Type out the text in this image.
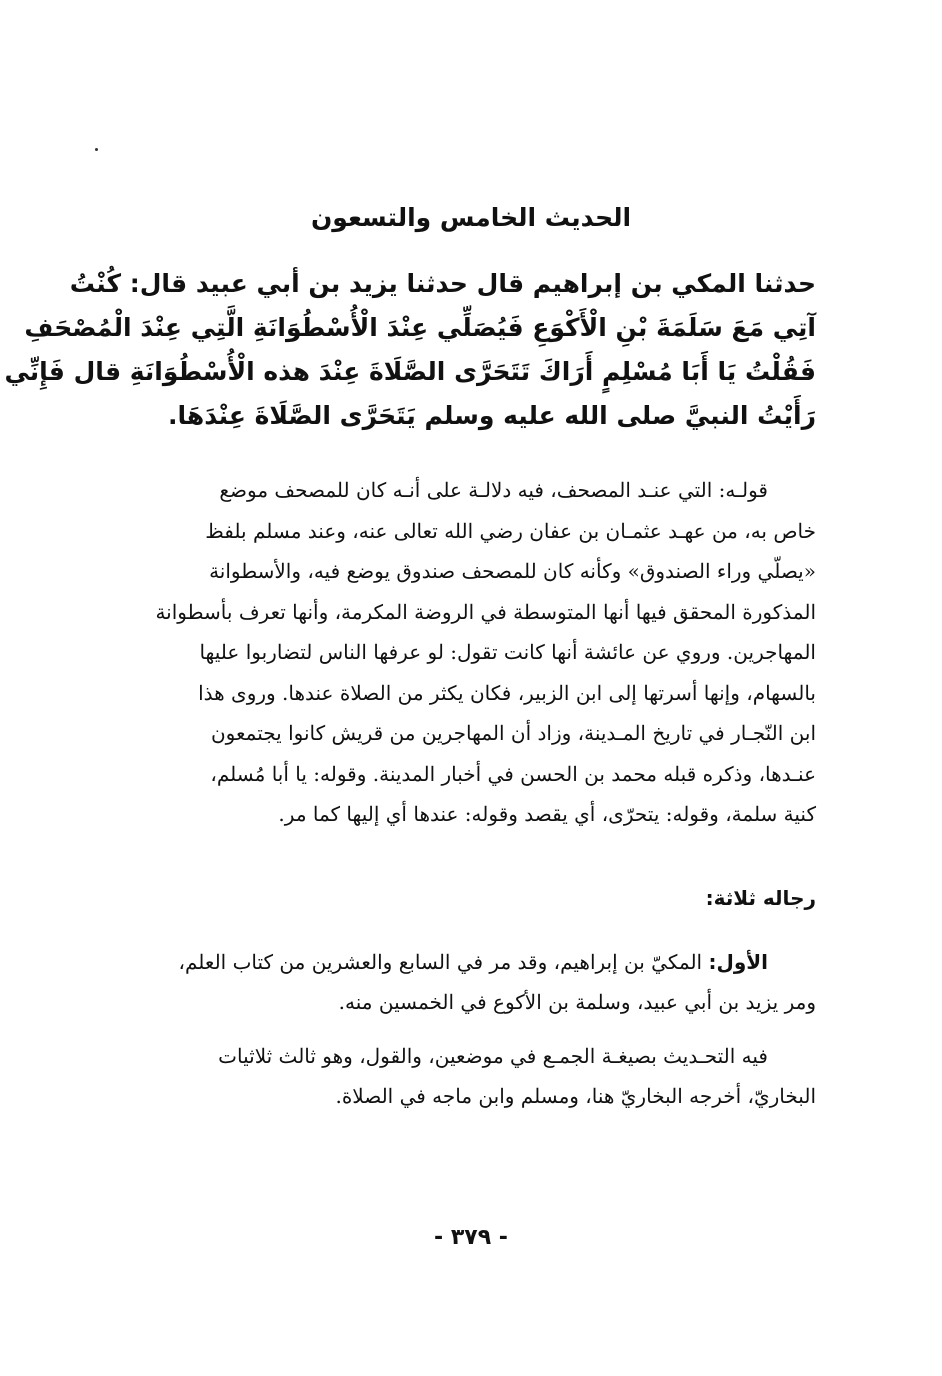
الحديث الخامس والتسعون
حدثنا المكي بن إبراهيم قال حدثنا يزيد بن أبي عبيد قال: كُنْتُ
آتِي مَعَ سَلَمَةَ بْنِ الْأَكْوَعِ فَيُصَلِّي عِنْدَ الْأُسْطُوَانَةِ الَّتِي عِنْدَ الْمُصْحَفِ
فَقُلْتُ يَا أَبَا مُسْلِمٍ أَرَاكَ تَتَحَرَّى الصَّلَاةَ عِنْدَ هذه الْأُسْطُوَانَةِ قال فَإِنِّي
رَأَيْتُ النبيَّ صلى الله عليه وسلم يَتَحَرَّى الصَّلَاةَ عِنْدَهَا.
قولـه: التي عنـد المصحف، فيه دلالـة على أنـه كان للمصحف موضع
خاص به، من عهـد عثمـان بن عفان رضي الله تعالى عنه، وعند مسلم بلفظ
«يصلّي وراء الصندوق» وكأنه كان للمصحف صندوق يوضع فيه، والأسطوانة
المذكورة المحقق فيها أنها المتوسطة في الروضة المكرمة، وأنها تعرف بأسطوانة
المهاجرين. وروي عن عائشة أنها كانت تقول: لو عرفها الناس لتضاربوا عليها
بالسهام، وإنها أسرتها إلى ابن الزبير، فكان يكثر من الصلاة عندها. وروى هذا
ابن النّجـار في تاريخ المـدينة، وزاد أن المهاجرين من قريش كانوا يجتمعون
عنـدها، وذكره قبله محمد بن الحسن في أخبار المدينة. وقوله: يا أبا مُسلم،
كنية سلمة، وقوله: يتحرّى، أي يقصد وقوله: عندها أي إليها كما مر.
رجاله ثلاثة:
الأول: المكيّ بن إبراهيم، وقد مر في السابع والعشرين من كتاب العلم،
ومر يزيد بن أبي عبيد، وسلمة بن الأكوع في الخمسين منه.
فيه التحـديث بصيغـة الجمـع في موضعين، والقول، وهو ثالث ثلاثيات
البخاريّ، أخرجه البخاريّ هنا، ومسلم وابن ماجه في الصلاة.
- ٣٧٩ -
